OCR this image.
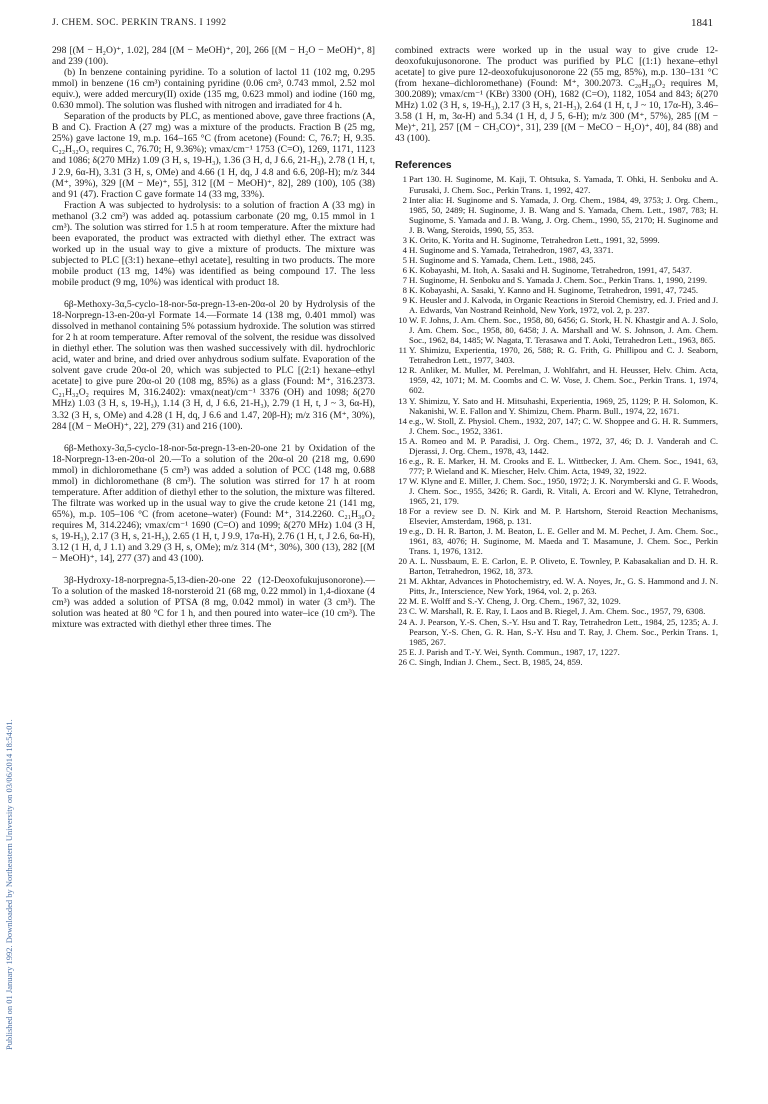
J. CHEM. SOC. PERKIN TRANS. I 1992	1841
Published on 01 January 1992. Downloaded by Northeastern University on 03/06/2014 18:54:01.

298 [(M − H₂O)⁺, 1.02], 284 [(M − MeOH)⁺, 20], 266 [(M − H₂O − MeOH)⁺, 8] and 239 (100).

(b) In benzene containing pyridine. To a solution of lactol 11 (102 mg, 0.295 mmol) in benzene (16 cm³) containing pyridine (0.06 cm³, 0.743 mmol, 2.52 mol equiv.), were added mercury(II) oxide (135 mg, 0.623 mmol) and iodine (160 mg, 0.630 mmol). The solution was flushed with nitrogen and irradiated for 4 h.

Separation of the products by PLC, as mentioned above, gave three fractions (A, B and C). Fraction A (27 mg) was a mixture of the products. Fraction B (25 mg, 25%) gave lactone 19, m.p. 164–165 °C (from acetone) (Found: C, 76.7; H, 9.35. C₂₂H₃₂O₃ requires C, 76.70; H, 9.36%); νmax/cm⁻¹ 1753 (C=O), 1269, 1171, 1123 and 1086; δ(270 MHz) 1.09 (3 H, s, 19-H₃), 1.36 (3 H, d, J 6.6, 21-H₃), 2.78 (1 H, t, J 2.9, 6α-H), 3.31 (3 H, s, OMe) and 4.66 (1 H, dq, J 4.8 and 6.6, 20β-H); m/z 344 (M⁺, 39%), 329 [(M − Me)⁺, 55], 312 [(M − MeOH)⁺, 82], 289 (100), 105 (38) and 91 (47). Fraction C gave formate 14 (33 mg, 33%).

Fraction A was subjected to hydrolysis: to a solution of fraction A (33 mg) in methanol (3.2 cm³) was added aq. potassium carbonate (20 mg, 0.15 mmol in 1 cm³). The solution was stirred for 1.5 h at room temperature. After the mixture had been evaporated, the product was extracted with diethyl ether. The extract was worked up in the usual way to give a mixture of products. The mixture was subjected to PLC [(3:1) hexane–ethyl acetate], resulting in two products. The more mobile product (13 mg, 14%) was identified as being compound 17. The less mobile product (9 mg, 10%) was identical with product 18.

6β-Methoxy-3α,5-cyclo-18-nor-5α-pregn-13-en-20α-ol 20 by Hydrolysis of the 18-Norpregn-13-en-20α-yl Formate 14.—Formate 14 (138 mg, 0.401 mmol) was dissolved in methanol containing 5% potassium hydroxide. The solution was stirred for 2 h at room temperature. After removal of the solvent, the residue was dissolved in diethyl ether. The solution was then washed successively with dil. hydrochloric acid, water and brine, and dried over anhydrous sodium sulfate. Evaporation of the solvent gave crude 20α-ol 20, which was subjected to PLC [(2:1) hexane–ethyl acetate] to give pure 20α-ol 20 (108 mg, 85%) as a glass (Found: M⁺, 316.2373. C₂₁H₃₂O₂ requires M, 316.2402): νmax(neat)/cm⁻¹ 3376 (OH) and 1098; δ(270 MHz) 1.03 (3 H, s, 19-H₃), 1.14 (3 H, d, J 6.6, 21-H₃), 2.79 (1 H, t, J ~ 3, 6α-H), 3.32 (3 H, s, OMe) and 4.28 (1 H, dq, J 6.6 and 1.47, 20β-H); m/z 316 (M⁺, 30%), 284 [(M − MeOH)⁺, 22], 279 (31) and 216 (100).

6β-Methoxy-3α,5-cyclo-18-nor-5α-pregn-13-en-20-one 21 by Oxidation of the 18-Norpregn-13-en-20α-ol 20.—To a solution of the 20α-ol 20 (218 mg, 0.690 mmol) in dichloromethane (5 cm³) was added a solution of PCC (148 mg, 0.688 mmol) in dichloromethane (8 cm³). The solution was stirred for 17 h at room temperature. After addition of diethyl ether to the solution, the mixture was filtered. The filtrate was worked up in the usual way to give the crude ketone 21 (141 mg, 65%), m.p. 105–106 °C (from acetone–water) (Found: M⁺, 314.2260. C₂₁H₃₀O₂ requires M, 314.2246); νmax/cm⁻¹ 1690 (C=O) and 1099; δ(270 MHz) 1.04 (3 H, s, 19-H₃), 2.17 (3 H, s, 21-H₃), 2.65 (1 H, t, J 9.9, 17α-H), 2.76 (1 H, t, J 2.6, 6α-H), 3.12 (1 H, d, J 1.1) and 3.29 (3 H, s, OMe); m/z 314 (M⁺, 30%), 300 (13), 282 [(M − MeOH)⁺, 14], 277 (37) and 43 (100).

3β-Hydroxy-18-norpregna-5,13-dien-20-one 22 (12-Deoxofukujusonorone).—To a solution of the masked 18-norsteroid 21 (68 mg, 0.22 mmol) in 1,4-dioxane (4 cm³) was added a solution of PTSA (8 mg, 0.042 mmol) in water (3 cm³). The solution was heated at 80 °C for 1 h, and then poured into water–ice (10 cm³). The mixture was extracted with diethyl ether three times. The

combined extracts were worked up in the usual way to give crude 12-deoxofukujusonorone. The product was purified by PLC [(1:1) hexane–ethyl acetate] to give pure 12-deoxofukujusonorone 22 (55 mg, 85%), m.p. 130–131 °C (from hexane–dichloromethane) (Found: M⁺, 300.2073. C₂₀H₂₈O₂ requires M, 300.2089); νmax/cm⁻¹ (KBr) 3300 (OH), 1682 (C=O), 1182, 1054 and 843; δ(270 MHz) 1.02 (3 H, s, 19-H₃), 2.17 (3 H, s, 21-H₃), 2.64 (1 H, t, J ~ 10, 17α-H), 3.46–3.58 (1 H, m, 3α-H) and 5.34 (1 H, d, J 5, 6-H); m/z 300 (M⁺, 57%), 285 [(M − Me)⁺, 21], 257 [(M − CH₃CO)⁺, 31], 239 [(M − MeCO − H₂O)⁺, 40], 84 (88) and 43 (100).

References
1 Part 130. H. Suginome, M. Kaji, T. Ohtsuka, S. Yamada, T. Ohki, H. Senboku and A. Furusaki, J. Chem. Soc., Perkin Trans. 1, 1992, 427.
2 Inter alia: H. Suginome and S. Yamada, J. Org. Chem., 1984, 49, 3753; J. Org. Chem., 1985, 50, 2489; H. Suginome, J. B. Wang and S. Yamada, Chem. Lett., 1987, 783; H. Suginome, S. Yamada and J. B. Wang, J. Org. Chem., 1990, 55, 2170; H. Suginome and J. B. Wang, Steroids, 1990, 55, 353.
3 K. Orito, K. Yorita and H. Suginome, Tetrahedron Lett., 1991, 32, 5999.
4 H. Suginome and S. Yamada, Tetrahedron, 1987, 43, 3371.
5 H. Suginome and S. Yamada, Chem. Lett., 1988, 245.
6 K. Kobayashi, M. Itoh, A. Sasaki and H. Suginome, Tetrahedron, 1991, 47, 5437.
7 H. Suginome, H. Senboku and S. Yamada J. Chem. Soc., Perkin Trans. 1, 1990, 2199.
8 K. Kobayashi, A. Sasaki, Y. Kanno and H. Suginome, Tetrahedron, 1991, 47, 7245.
9 K. Heusler and J. Kalvoda, in Organic Reactions in Steroid Chemistry, ed. J. Fried and J. A. Edwards, Van Nostrand Reinhold, New York, 1972, vol. 2, p. 237.
10 W. F. Johns, J. Am. Chem. Soc., 1958, 80, 6456; G. Stork, H. N. Khastgir and A. J. Solo, J. Am. Chem. Soc., 1958, 80, 6458; J. A. Marshall and W. S. Johnson, J. Am. Chem. Soc., 1962, 84, 1485; W. Nagata, T. Terasawa and T. Aoki, Tetrahedron Lett., 1963, 865.
11 Y. Shimizu, Experientia, 1970, 26, 588; R. G. Frith, G. Phillipou and C. J. Seaborn, Tetrahedron Lett., 1977, 3403.
12 R. Anliker, M. Muller, M. Perelman, J. Wohlfahrt, and H. Heusser, Helv. Chim. Acta, 1959, 42, 1071; M. M. Coombs and C. W. Vose, J. Chem. Soc., Perkin Trans. 1, 1974, 602.
13 Y. Shimizu, Y. Sato and H. Mitsuhashi, Experientia, 1969, 25, 1129; P. H. Solomon, K. Nakanishi, W. E. Fallon and Y. Shimizu, Chem. Pharm. Bull., 1974, 22, 1671.
14 e.g., W. Stoll, Z. Physiol. Chem., 1932, 207, 147; C. W. Shoppee and G. H. R. Summers, J. Chem. Soc., 1952, 3361.
15 A. Romeo and M. P. Paradisi, J. Org. Chem., 1972, 37, 46; D. J. Vanderah and C. Djerassi, J. Org. Chem., 1978, 43, 1442.
16 e.g., R. E. Marker, H. M. Crooks and E. L. Wittbecker, J. Am. Chem. Soc., 1941, 63, 777; P. Wieland and K. Miescher, Helv. Chim. Acta, 1949, 32, 1922.
17 W. Klyne and E. Miller, J. Chem. Soc., 1950, 1972; J. K. Norymberski and G. F. Woods, J. Chem. Soc., 1955, 3426; R. Gardi, R. Vitali, A. Ercori and W. Klyne, Tetrahedron, 1965, 21, 179.
18 For a review see D. N. Kirk and M. P. Hartshorn, Steroid Reaction Mechanisms, Elsevier, Amsterdam, 1968, p. 131.
19 e.g., D. H. R. Barton, J. M. Beaton, L. E. Geller and M. M. Pechet, J. Am. Chem. Soc., 1961, 83, 4076; H. Suginome, M. Maeda and T. Masamune, J. Chem. Soc., Perkin Trans. 1, 1976, 1312.
20 A. L. Nussbaum, E. E. Carlon, E. P. Oliveto, E. Townley, P. Kabasakalian and D. H. R. Barton, Tetrahedron, 1962, 18, 373.
21 M. Akhtar, Advances in Photochemistry, ed. W. A. Noyes, Jr., G. S. Hammond and J. N. Pitts, Jr., Interscience, New York, 1964, vol. 2, p. 263.
22 M. E. Wolff and S.-Y. Cheng, J. Org. Chem., 1967, 32, 1029.
23 C. W. Marshall, R. E. Ray, I. Laos and B. Riegel, J. Am. Chem. Soc., 1957, 79, 6308.
24 A. J. Pearson, Y.-S. Chen, S.-Y. Hsu and T. Ray, Tetrahedron Lett., 1984, 25, 1235; A. J. Pearson, Y.-S. Chen, G. R. Han, S.-Y. Hsu and T. Ray, J. Chem. Soc., Perkin Trans. 1, 1985, 267.
25 E. J. Parish and T.-Y. Wei, Synth. Commun., 1987, 17, 1227.
26 C. Singh, Indian J. Chem., Sect. B, 1985, 24, 859.
